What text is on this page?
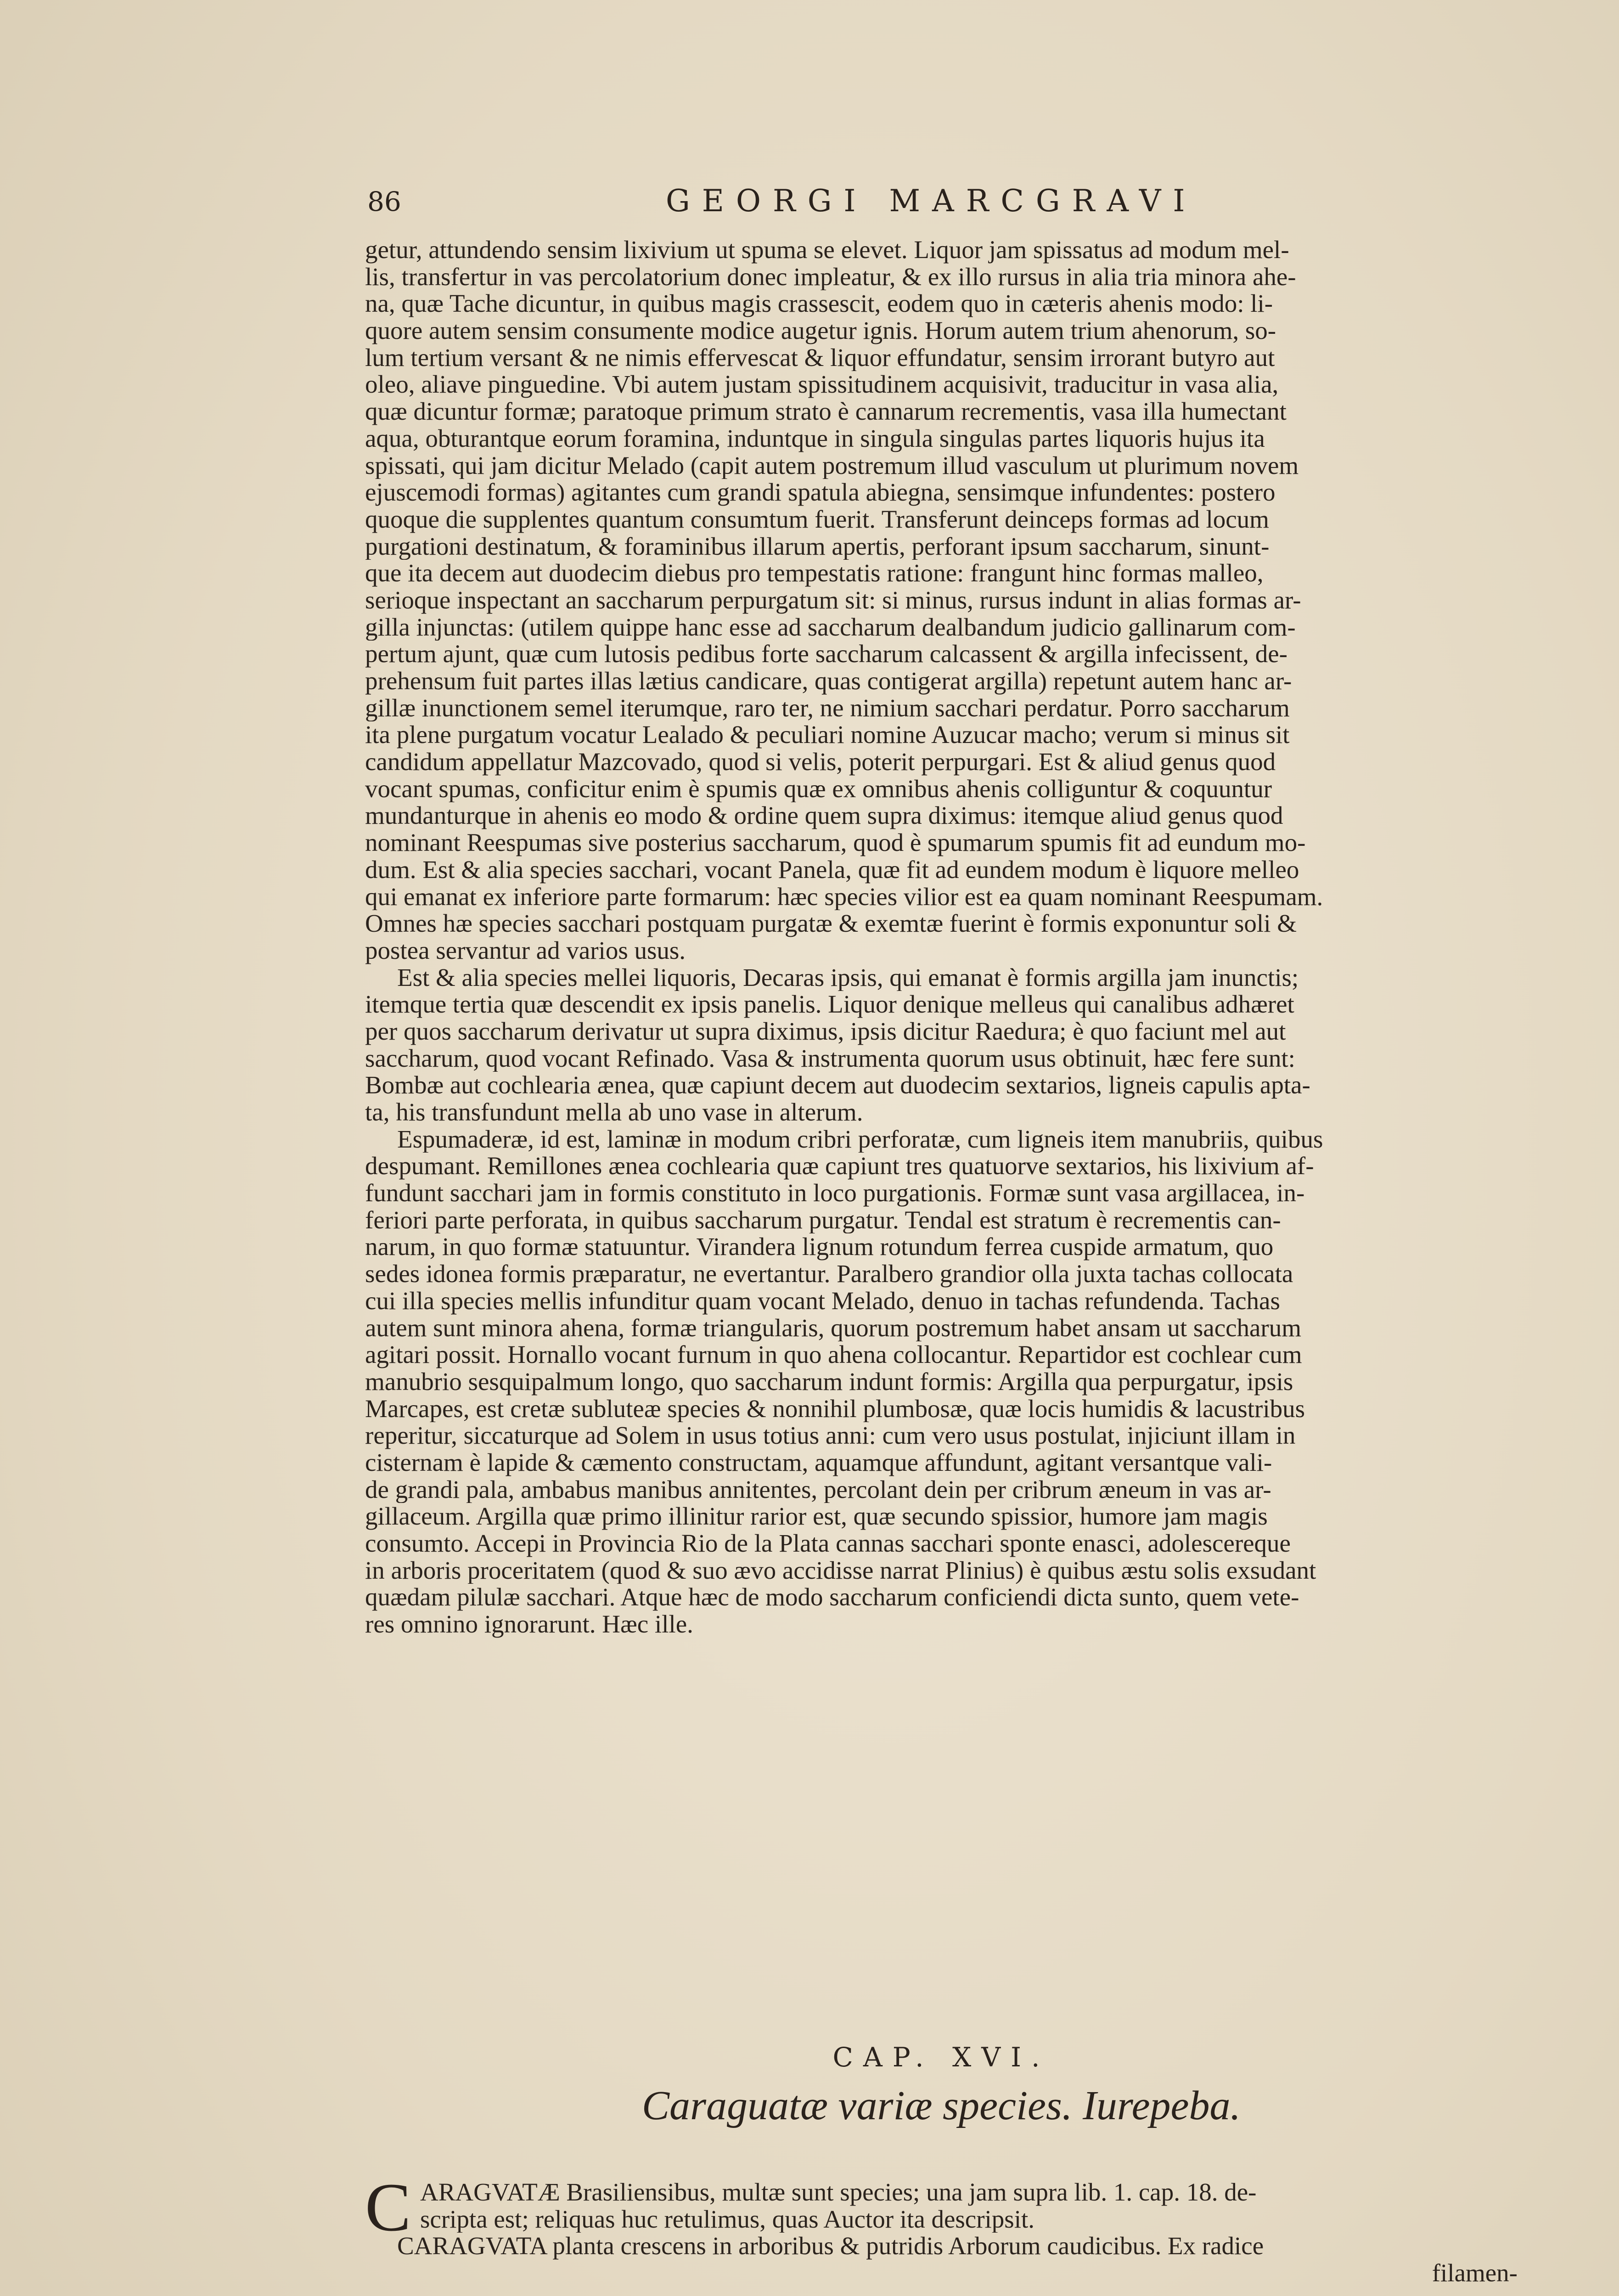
86	GEORGI MARCGRAVI
getur, attundendo sensim lixivium ut spuma se elevet. Liquor jam spissatus ad modum mel-
lis, transfertur in vas percolatorium donec impleatur, & ex illo rursus in alia tria minora ahe-
na, quæ Tache dicuntur, in quibus magis crassescit, eodem quo in cæteris ahenis modo: li-
quore autem sensim consumente modice augetur ignis. Horum autem trium ahenorum, so-
lum tertium versant & ne nimis effervescat & liquor effundatur, sensim irrorant butyro aut
oleo, aliave pinguedine. Vbi autem justam spissitudinem acquisivit, traducitur in vasa alia,
quæ dicuntur formæ; paratoque primum strato è cannarum recrementis, vasa illa humectant
aqua, obturantque eorum foramina, induntque in singula singulas partes liquoris hujus ita
spissati, qui jam dicitur Melado (capit autem postremum illud vasculum ut plurimum novem
ejuscemodi formas) agitantes cum grandi spatula abiegna, sensimque infundentes: postero
quoque die supplentes quantum consumtum fuerit. Transferunt deinceps formas ad locum
purgationi destinatum, & foraminibus illarum apertis, perforant ipsum saccharum, sinunt-
que ita decem aut duodecim diebus pro tempestatis ratione: frangunt hinc formas malleo,
serioque inspectant an saccharum perpurgatum sit: si minus, rursus indunt in alias formas ar-
gilla injunctas: (utilem quippe hanc esse ad saccharum dealbandum judicio gallinarum com-
pertum ajunt, quæ cum lutosis pedibus forte saccharum calcassent & argilla infecissent, de-
prehensum fuit partes illas lætius candicare, quas contigerat argilla) repetunt autem hanc ar-
gillæ inunctionem semel iterumque, raro ter, ne nimium sacchari perdatur. Porro saccharum
ita plene purgatum vocatur Lealado & peculiari nomine Auzucar macho; verum si minus sit
candidum appellatur Mazcovado, quod si velis, poterit perpurgari. Est & aliud genus quod
vocant spumas, conficitur enim è spumis quæ ex omnibus ahenis colliguntur & coquuntur
mundanturque in ahenis eo modo & ordine quem supra diximus: itemque aliud genus quod
nominant Reespumas sive posterius saccharum, quod è spumarum spumis fit ad eundum mo-
dum. Est & alia species sacchari, vocant Panela, quæ fit ad eundem modum è liquore melleo
qui emanat ex inferiore parte formarum: hæc species vilior est ea quam nominant Reespumam.
Omnes hæ species sacchari postquam purgatæ & exemtæ fuerint è formis exponuntur soli &
postea servantur ad varios usus.
Est & alia species mellei liquoris, Decaras ipsis, qui emanat è formis argilla jam inunctis;
itemque tertia quæ descendit ex ipsis panelis. Liquor denique melleus qui canalibus adhæret
per quos saccharum derivatur ut supra diximus, ipsis dicitur Raedura; è quo faciunt mel aut
saccharum, quod vocant Refinado. Vasa & instrumenta quorum usus obtinuit, hæc fere sunt:
Bombæ aut cochlearia ænea, quæ capiunt decem aut duodecim sextarios, ligneis capulis apta-
ta, his transfundunt mella ab uno vase in alterum.
Espumaderæ, id est, laminæ in modum cribri perforatæ, cum ligneis item manubriis, quibus
despumant. Remillones ænea cochlearia quæ capiunt tres quatuorve sextarios, his lixivium af-
fundunt sacchari jam in formis constituto in loco purgationis. Formæ sunt vasa argillacea, in-
feriori parte perforata, in quibus saccharum purgatur. Tendal est stratum è recrementis can-
narum, in quo formæ statuuntur. Virandera lignum rotundum ferrea cuspide armatum, quo
sedes idonea formis præparatur, ne evertantur. Paralbero grandior olla juxta tachas collocata
cui illa species mellis infunditur quam vocant Melado, denuo in tachas refundenda. Tachas
autem sunt minora ahena, formæ triangularis, quorum postremum habet ansam ut saccharum
agitari possit. Hornallo vocant furnum in quo ahena collocantur. Repartidor est cochlear cum
manubrio sesquipalmum longo, quo saccharum indunt formis: Argilla qua perpurgatur, ipsis
Marcapes, est cretæ subluteæ species & nonnihil plumbosæ, quæ locis humidis & lacustribus
reperitur, siccaturque ad Solem in usus totius anni: cum vero usus postulat, injiciunt illam in
cisternam è lapide & cæmento constructam, aquamque affundunt, agitant versantque vali-
de grandi pala, ambabus manibus annitentes, percolant dein per cribrum æneum in vas ar-
gillaceum. Argilla quæ primo illinitur rarior est, quæ secundo spissior, humore jam magis
consumto. Accepi in Provincia Rio de la Plata cannas sacchari sponte enasci, adolescereque
in arboris proceritatem (quod & suo ævo accidisse narrat Plinius) è quibus æstu solis exsudant
quædam pilulæ sacchari. Atque hæc de modo saccharum conficiendi dicta sunto, quem vete-
res omnino ignorarunt. Hæc ille.
CAP. XVI.
Caraguatæ variæ species. Iurepeba.
C ARAGVATÆ Brasiliensibus, multæ sunt species; una jam supra lib. 1. cap. 18. de-
scripta est; reliquas huc retulimus, quas Auctor ita descripsit.
CARAGVATA planta crescens in arboribus & putridis Arborum caudicibus. Ex radice
filamen-
